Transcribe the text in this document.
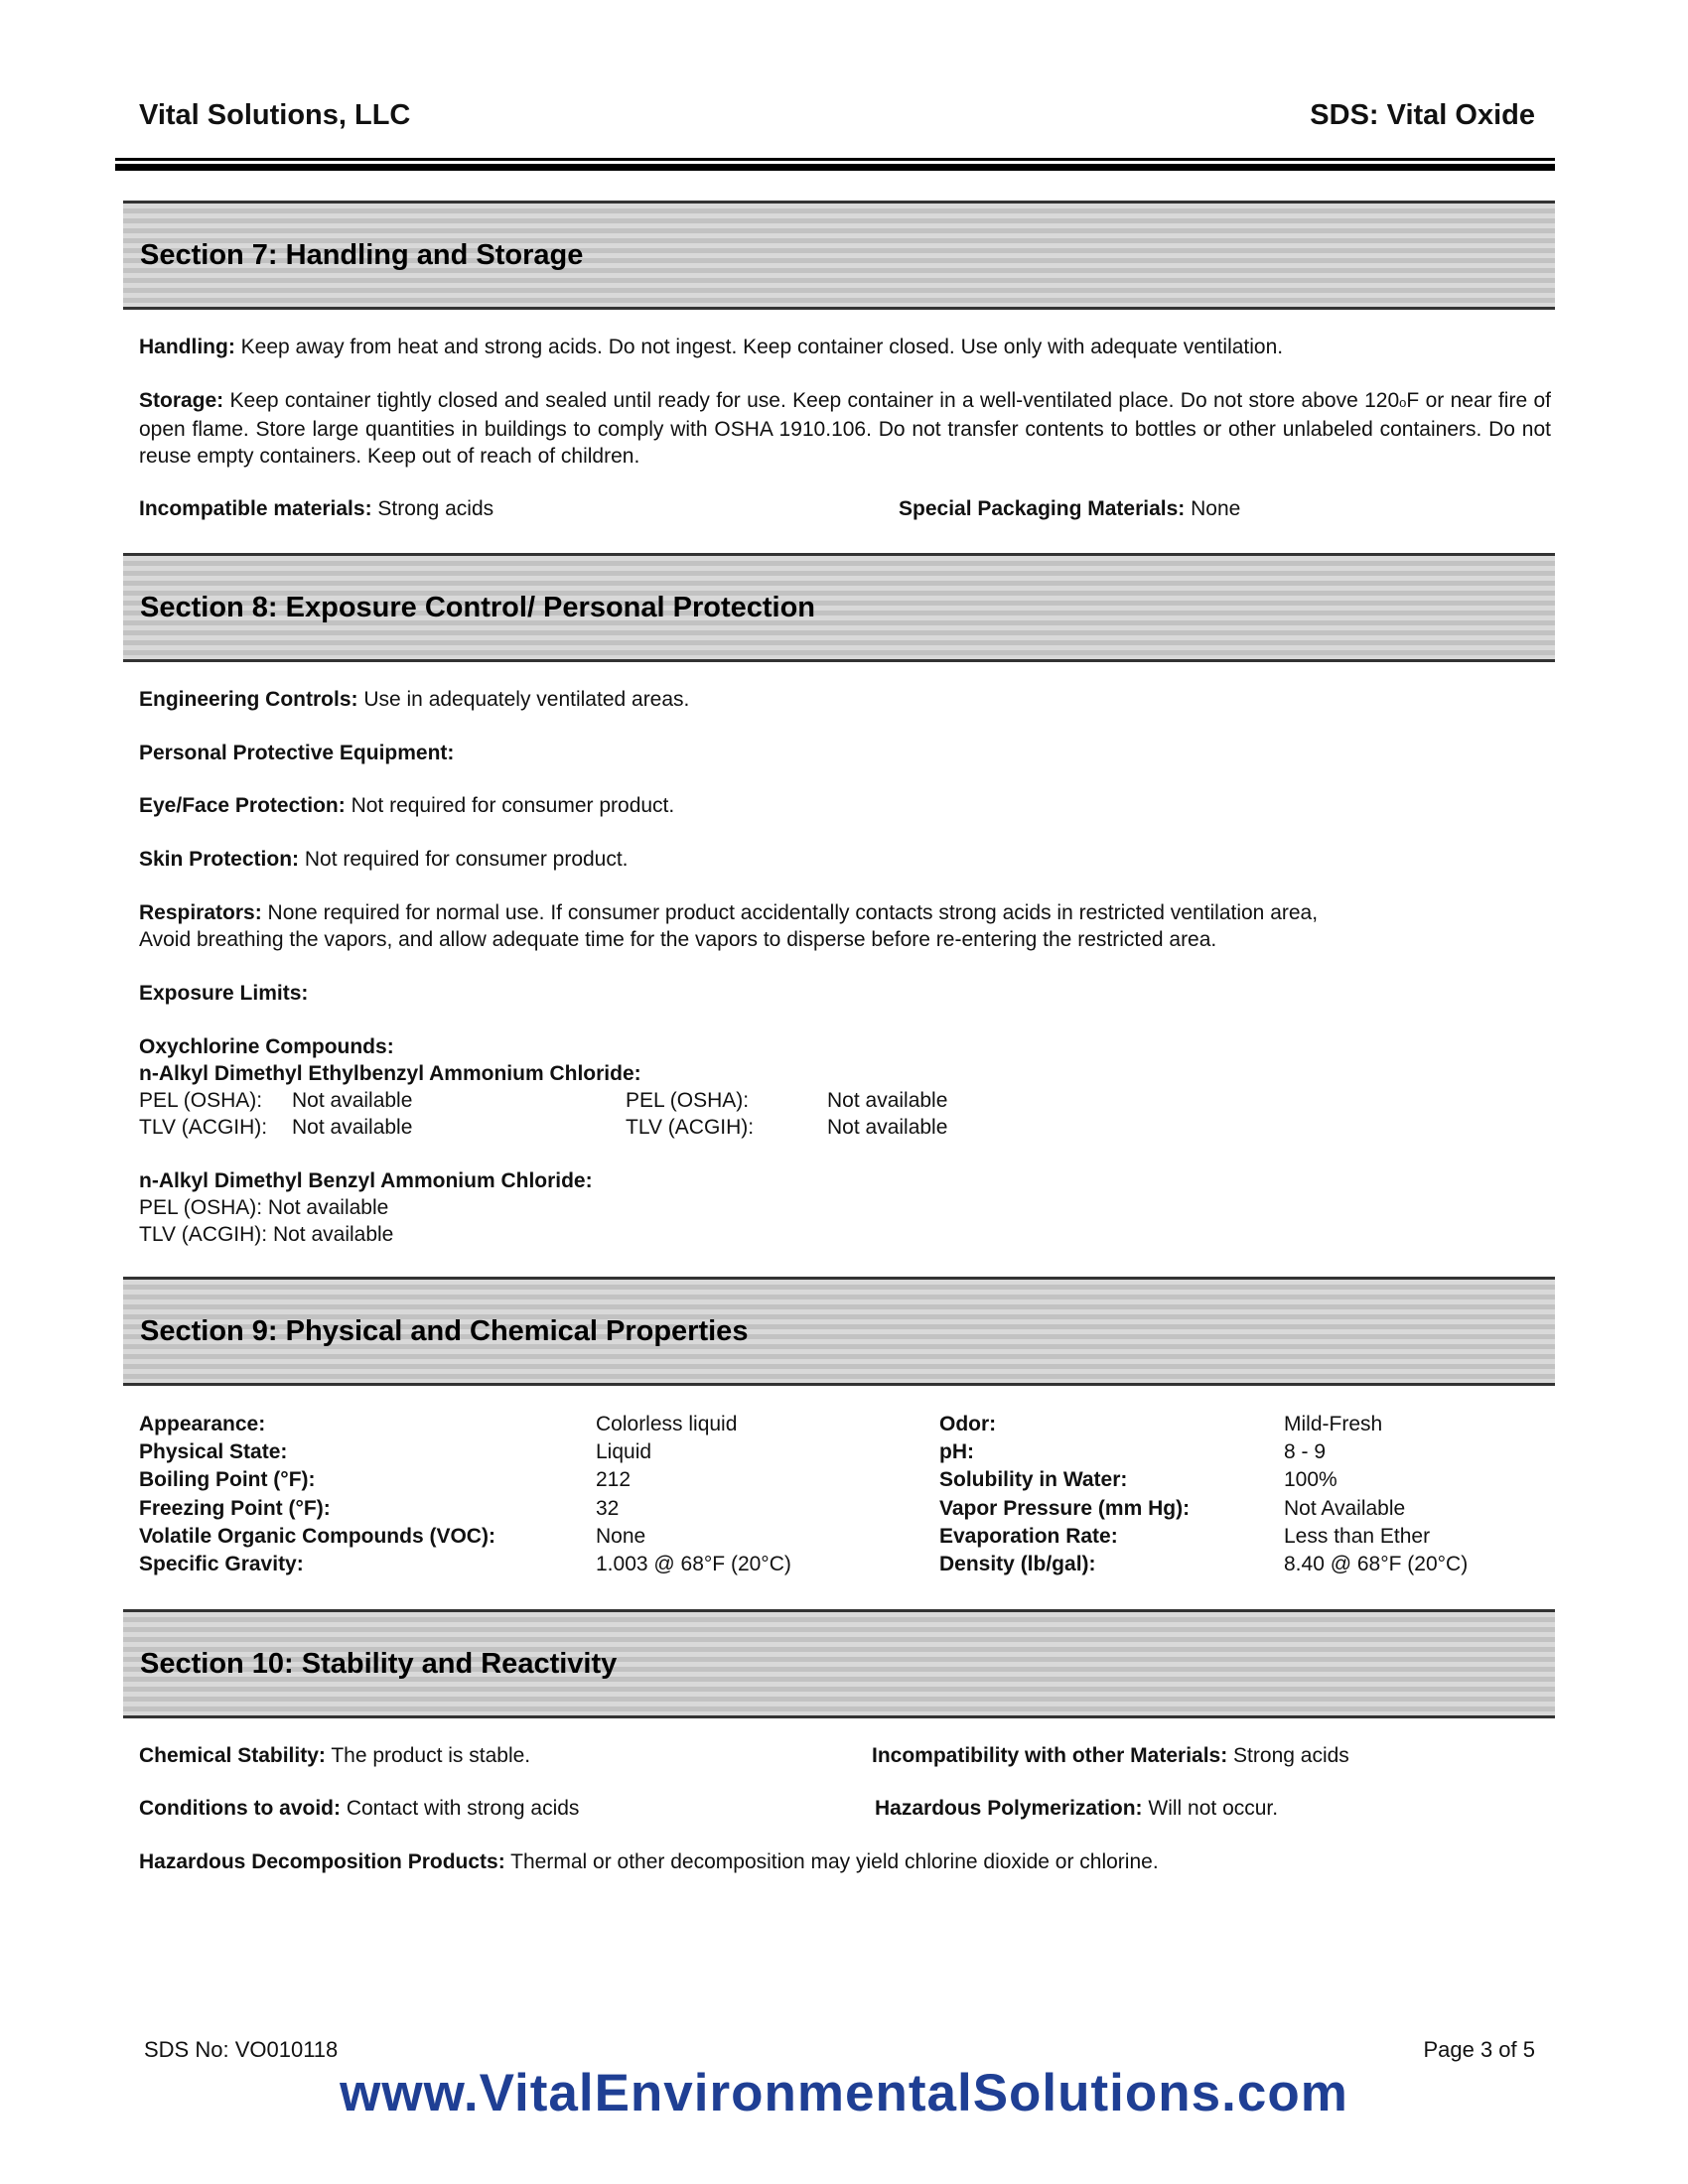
Vital Solutions, LLC	SDS: Vital Oxide
Section 7: Handling and Storage
Handling: Keep away from heat and strong acids. Do not ingest. Keep container closed. Use only with adequate ventilation.
Storage: Keep container tightly closed and sealed until ready for use. Keep container in a well-ventilated place. Do not store above 120oF or near fire of open flame. Store large quantities in buildings to comply with OSHA 1910.106. Do not transfer contents to bottles or other unlabeled containers. Do not reuse empty containers. Keep out of reach of children.
Incompatible materials: Strong acids	Special Packaging Materials: None
Section 8: Exposure Control/ Personal Protection
Engineering Controls: Use in adequately ventilated areas.
Personal Protective Equipment:
Eye/Face Protection: Not required for consumer product.
Skin Protection: Not required for consumer product.
Respirators: None required for normal use. If consumer product accidentally contacts strong acids in restricted ventilation area,
Avoid breathing the vapors, and allow adequate time for the vapors to disperse before re-entering the restricted area.
Exposure Limits:
Oxychlorine Compounds:
n-Alkyl Dimethyl Ethylbenzyl Ammonium Chloride:
PEL (OSHA): Not available
TLV (ACGIH): Not available
PEL (OSHA):	Not available
TLV (ACGIH):	Not available
n-Alkyl Dimethyl Benzyl Ammonium Chloride:
PEL (OSHA): Not available
TLV (ACGIH): Not available
Section 9: Physical and Chemical Properties
Appearance:	Colorless liquid
Physical State:	Liquid
Boiling Point (°F):	212
Freezing Point (°F):	32
Volatile Organic Compounds (VOC):	None
Specific Gravity:	1.003 @ 68°F (20°C)
Odor:	Mild-Fresh
pH:	8 - 9
Solubility in Water:	100%
Vapor Pressure (mm Hg):	Not Available
Evaporation Rate:	Less than Ether
Density (lb/gal):	8.40 @ 68°F (20°C)
Section 10: Stability and Reactivity
Chemical Stability: The product is stable.	Incompatibility with other Materials: Strong acids
Conditions to avoid: Contact with strong acids	Hazardous Polymerization: Will not occur.
Hazardous Decomposition Products: Thermal or other decomposition may yield chlorine dioxide or chlorine.
SDS No: VO010118	Page 3 of 5
www.VitalEnvironmentalSolutions.com
